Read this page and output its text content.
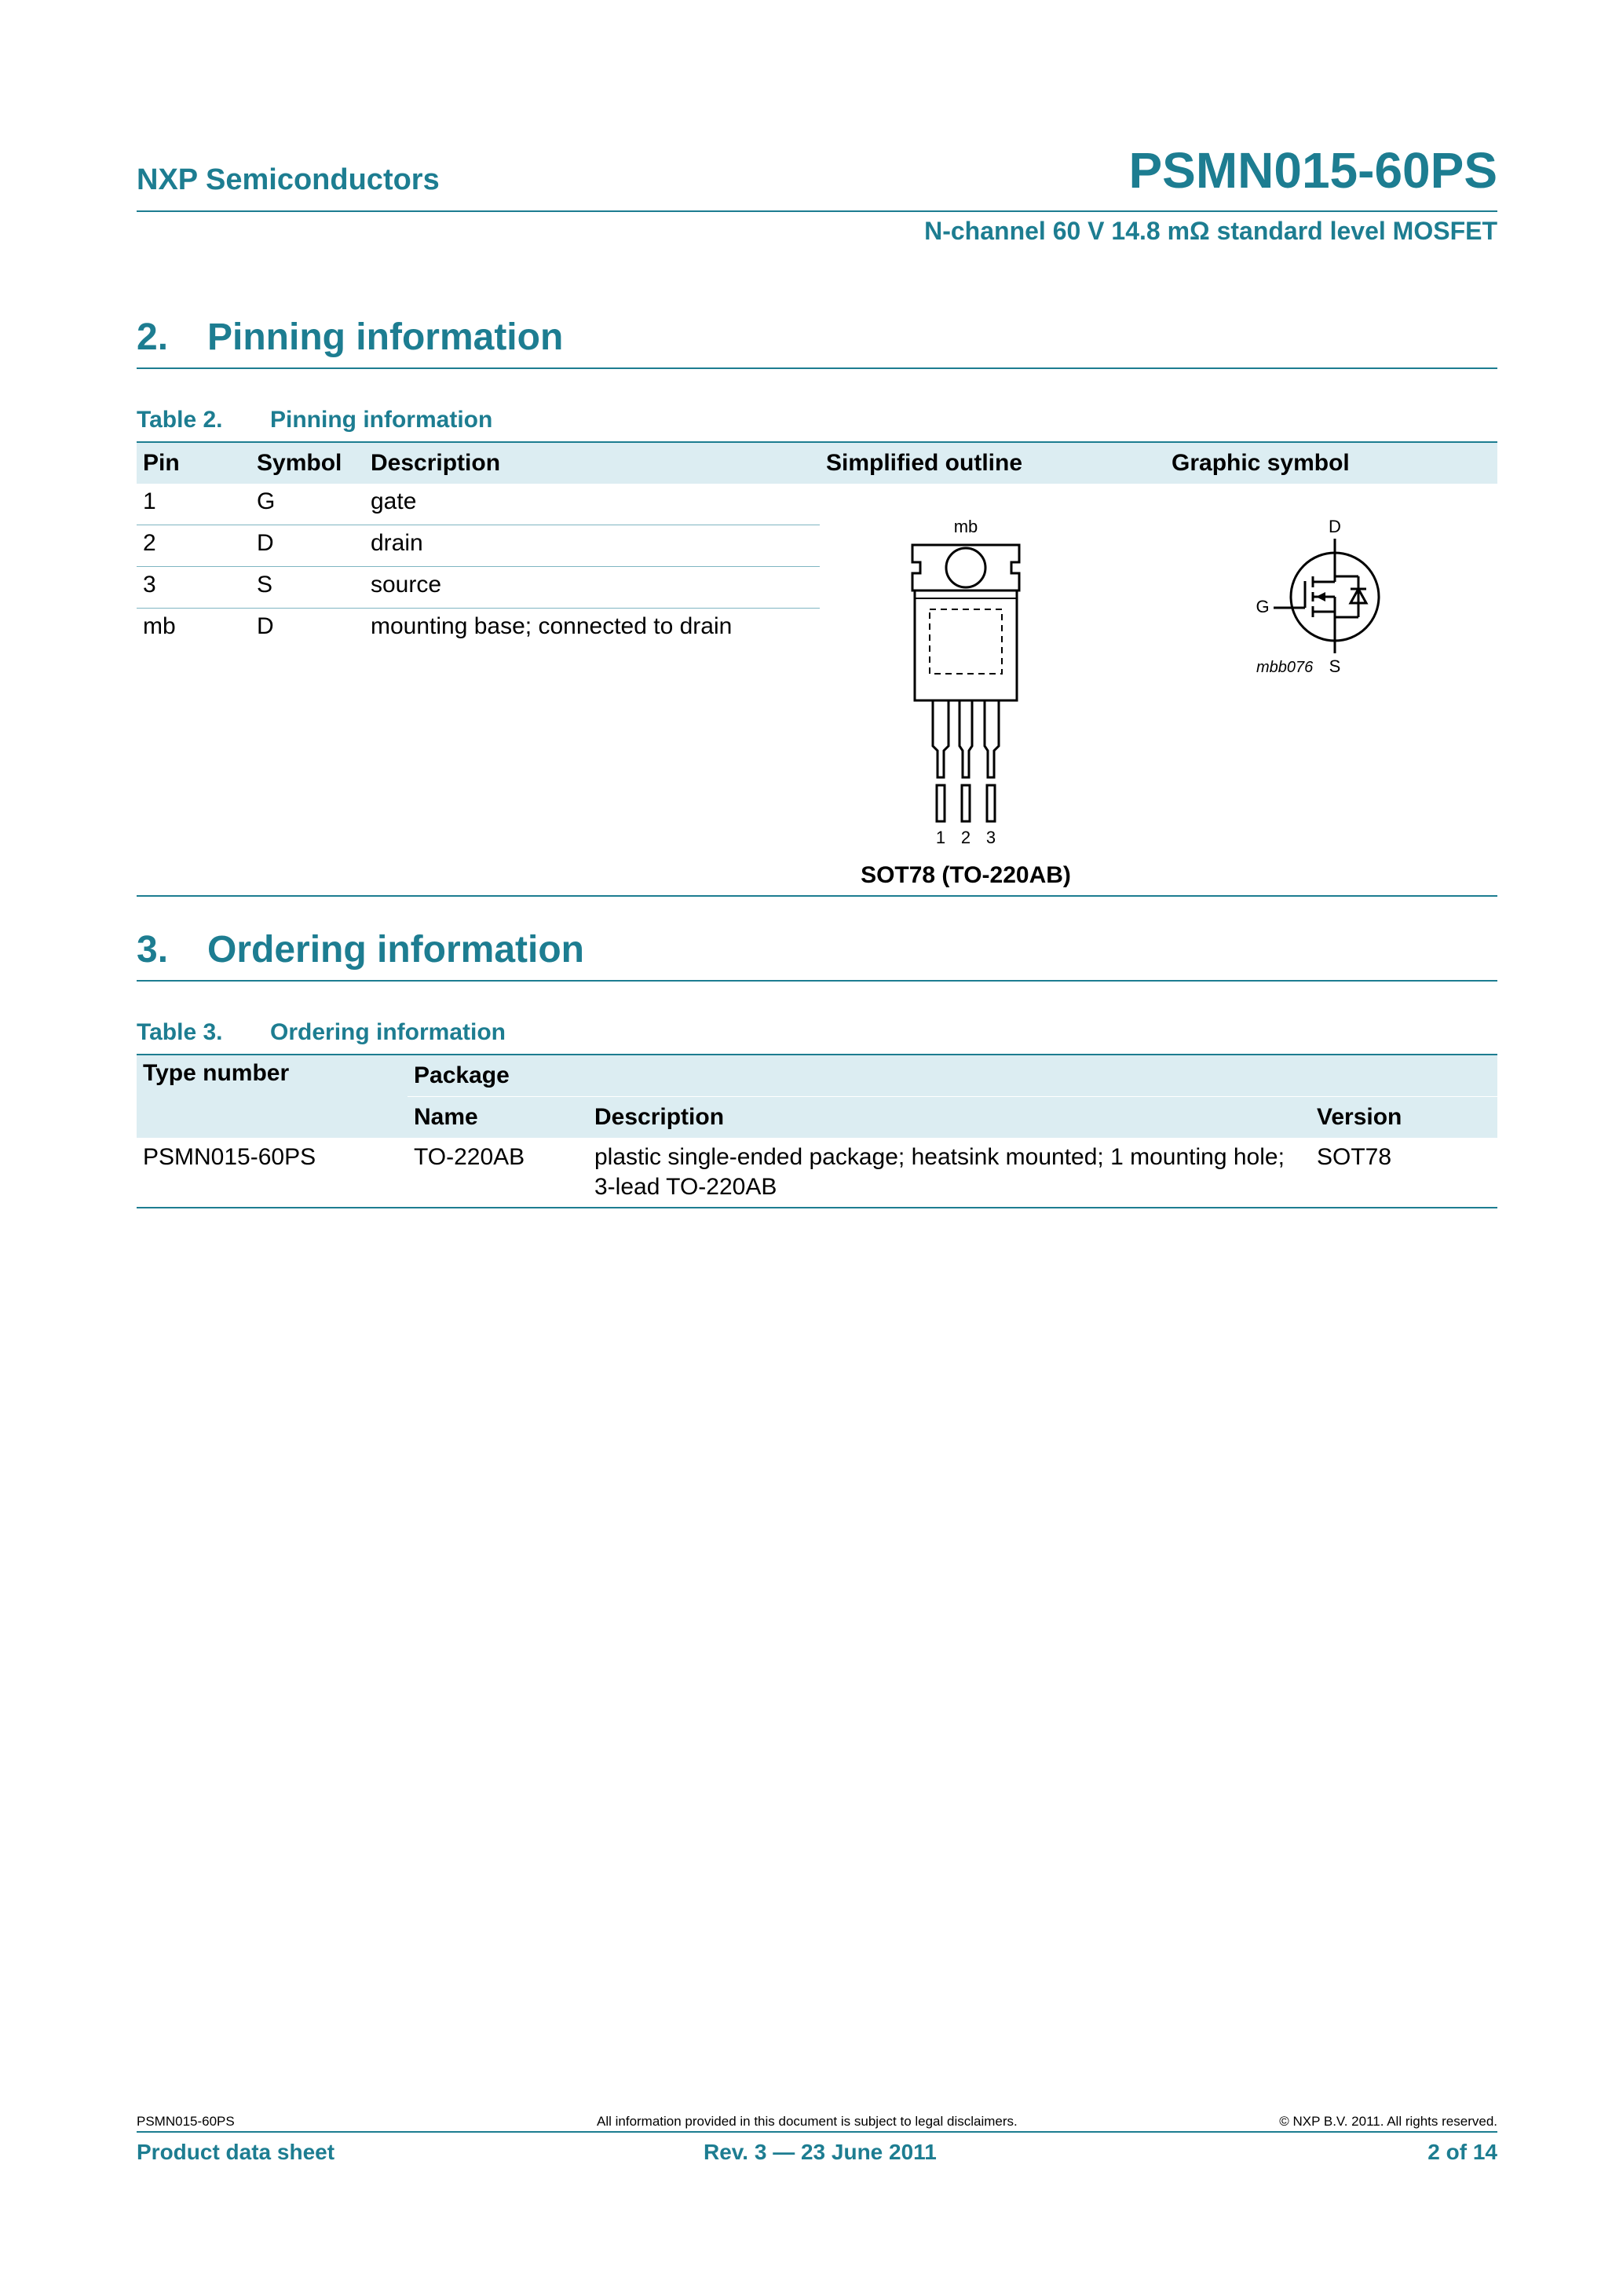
NXP Semiconductors	PSMN015-60PS
N-channel 60 V 14.8 mΩ standard level MOSFET
2. Pinning information
Table 2. Pinning information
Pin	Symbol	Description	Simplified outline	Graphic symbol
1	G	gate		
2	D	drain		
3	S	source		
mb	D	mounting base; connected to drain		
mb
1 2 3
SOT78 (TO-220AB)
D
G
mbb076 S
3. Ordering information
Table 3. Ordering information
Type number	Package		
	Name	Description	Version
PSMN015-60PS	TO-220AB	plastic single-ended package; heatsink mounted; 1 mounting hole; 3-lead TO-220AB	SOT78
PSMN015-60PS	All information provided in this document is subject to legal disclaimers.	© NXP B.V. 2011. All rights reserved.
Product data sheet	Rev. 3 — 23 June 2011	2 of 14
